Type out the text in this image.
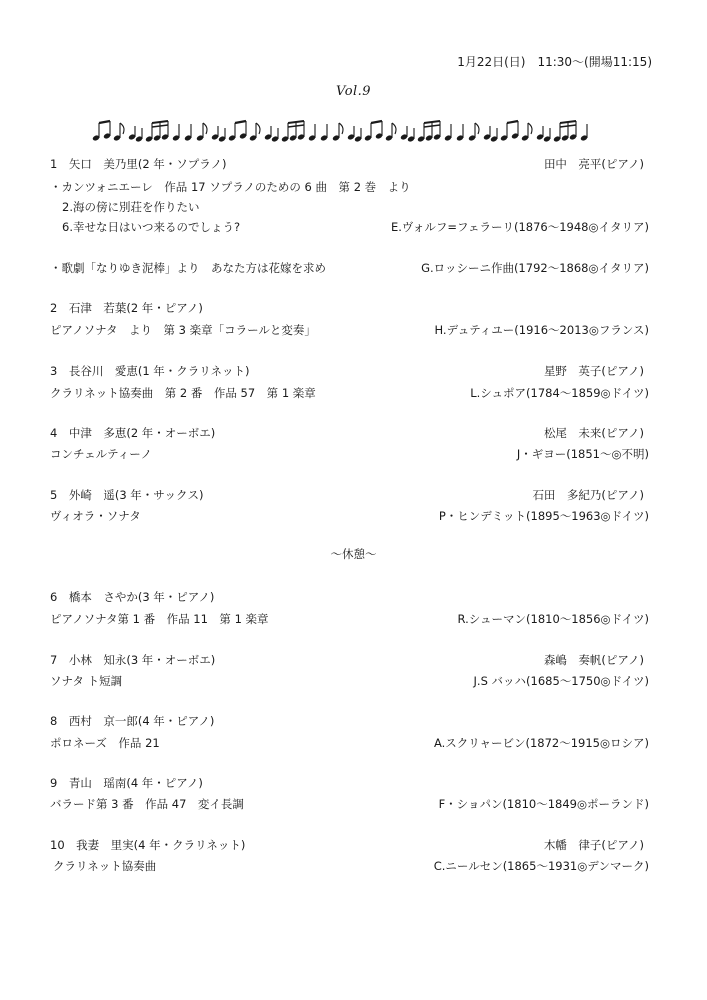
1月22日(日)　11:30～(開場11:15)
Vol.9
1　 矢口　美乃里(2 年・ソプラノ)	田中　亮平(ピアノ)
・カンツォニエーレ　作品 17 ソプラノのための 6 曲　第 2 巻　より
2.海の傍に別荘を作りたい
6.幸せな日はいつ来るのでしょう?	E.ヴォルフ=フェラーリ(1876～1948◎イタリア)
・歌劇「なりゆき泥棒」より　あなた方は花嫁を求め	G.ロッシーニ作曲(1792～1868◎イタリア)
2　 石津　若葉(2 年・ピアノ)
ピアノソナタ　より　第 3 楽章「コラールと変奏」	H.デュティユー(1916～2013◎フランス)
3　 長谷川　愛恵(1 年・クラリネット)	星野　英子(ピアノ)
クラリネット協奏曲　第 2 番　作品 57　第 1 楽章	L.シュポア(1784～1859◎ドイツ)
4　 中津　多恵(2 年・オーボエ)	松尾　未来(ピアノ)
コンチェルティーノ	J・ギヨー(1851～◎不明)
5　 外崎　遥(3 年・サックス)	石田　多紀乃(ピアノ)
ヴィオラ・ソナタ	P・ヒンデミット(1895～1963◎ドイツ)
～休憩～
6　 橋本　さやか(3 年・ピアノ)
ピアノソナタ第 1 番　作品 11　第 1 楽章	R.シューマン(1810～1856◎ドイツ)
7　 小林　知永(3 年・オーボエ)	森嶋　奏帆(ピアノ)
ソナタ ト短調	J.S バッハ(1685～1750◎ドイツ)
8　 西村　京一郎(4 年・ピアノ)
ポロネーズ　作品 21	A.スクリャービン(1872～1915◎ロシア)
9　 青山　瑶南(4 年・ピアノ)
バラード第 3 番　作品 47　変イ長調	F・ショパン(1810～1849◎ポーランド)
10　 我妻　里実(4 年・クラリネット)	木幡　律子(ピアノ)
クラリネット協奏曲	C.ニールセン(1865～1931◎デンマーク)
